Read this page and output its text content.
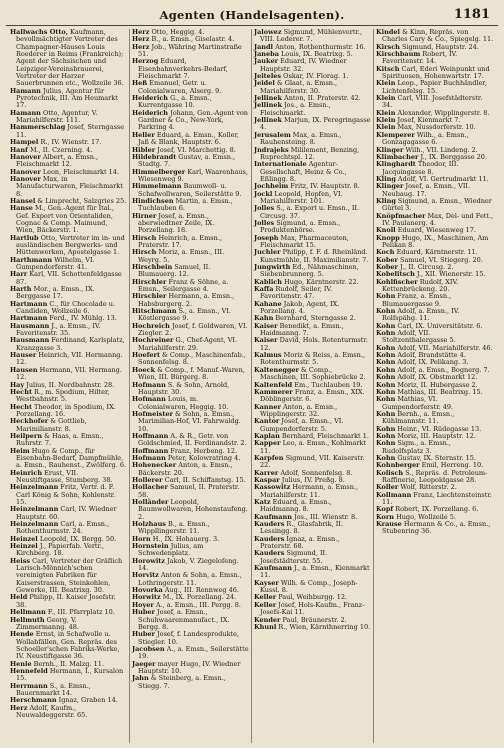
Agenten (Handelsagenten).	1181

Hallwachs Otto, Kaufmann, bevollmächtigter Vertreter des Champagner-Hauses Louis Roederer in Reims (Frankreich); Agent der Sächsischen und Leipziger-Vereinsbrauerei, Vertreter der Harzer Sauerbrunnen etc., Wollzeile 36.

Hamann Julius, Agentur für Pyrotechnik, III. Am Heumarkt 17.

Hamann Otto, Agentur, V. Mariahilferstr. 111.

Hammerschlag Josef, Sterngasse 11.

Hampel R., IV. Wienstr. 17.

Hanf M., II. Czerning. 4.

Hanover Albert, a. Emsn., Fleischmarkt 12.

Hanover Leon, Fleischmarkt 14.

Hanover Max, in Manufacturwaren, Fleischmarkt 8.

Hansel & Limprecht, Salzgries 25.

Hanse M., Gen.-Agent für Ital., Gef. Export von Orientaliden, Cognac & Comp. Maimund, Wien, Bäckerstr. 1.

Hartlub Otto, Vertreter im in- und ausländischen Bergwerks- und Hüttenwerken, Apostelgasse 1.

Harthmann Wilhelm, VI. Gumpendorferstr. 41.

Harr Karl, VII. Schottenfeldgasse 87.

Harth Mor., a. Emsn., IX. Berggasse 17.

Hartmann C., für Chocolade u. Candiden, Wollzeile 6.

Hartmann Ferd., IV. Mühlg. 13.

Hausmann J., a. Emsn., IV. Favoritenstr. 35.

Hausmann Ferdinand, Karlsplatz, Kranzgasse 3.

Hauser Heinrich, VII. Hermanng. 12.

Hausen Hermann, VII. Hermang. 12.

Hay Julius, II. Nordbahnstr. 28.

Hecht R., m. Spodium, Hilter, Westbahnstr. 5.

Hecht Theodor, in Spodium, IX. Porzellang. 16.

Heckhofer & Gottlieb, Marimilianstr. 8.

Heilpern & Haas, a. Emsn., Ruhrstr. 7.

Heim Hugo & Comp., für Eisenbahn-Bedarf, Dampfmühle, a. Emsn., Rauhenst., Zwölferg. 6.

Heinrich Erust, VII. Neustiftgasse, Stumberg. 38.

Heinzelmann Fritz, Vertr. d. F. Carl König & Sohn, Kohlenstr. 15.

Heinzelmann Carl, IV. Wiedner Hauptstr. 60.

Heinzelmann Carl, a. Emsn., Rothenthurmstr. 24.

Heinzel Leopold, IX. Bergg. 50.

Heinzel J., Papierfab. Vertr., Kirchberg. 18.

Heiss Carl, Vertreter der Gräflich Larisch-Mönnich'schen vereinigten Fabriken für Kaiserstrassen, Steinkohlen, Gewerke, III. Beatrixg. 30.

Held Philipp, II. Kaiser Josefstr. 38.

Hellmann F., III. Pfarrplatz 10.

Hellmuth Georg, V. Zimmermanng. 48.

Hende Ernst, in Schafwolle u. Wollabfällen, Gen. Repräs. des Schoeller'schen Fabriks-Werke, IV. Neustiftgasse 36.

Henle Bernh., II. Malzg. 11.

Hennefeld Hermann, I., Kursalon 15.

Herrmann S., a. Emsn., Bauernmarkt 14.

Herschmann Ignaz, Graben 14.

Herz Adolf, Kaufm., Neuwaldeggerstr. 65.

Herz Otto, Heggig. 4.

Herz B., a. Emsn., Giselastr. 4.

Herz Job., Währing Martinstraße 51.

Herzog Eduard, Eisenbahnverkehrs-Bedarf, Fleischmarkt 7.

Heß Emanuel, Getr. u. Colonialwaren, Alserg. 9.

Heiderich G., a. Emsn., Kurrentgasse 10.

Heiderich Johann, Gen.-Agent von Gardner & Co., New-York, Parkring 4.

Heller Eduard, a. Emsn., Koller, Jaß & Blank, Hauptstr. 6.

Hibler Josef, VI. Marchettig. 8.

Hildebrandt Gustav, a. Emsn., Stadtg. 7.

Himmelberger Karl, Waarenhaus, Wiesenweg 9.

Himmelmann Baumwoll- u. Schafwollwaren, Seilerstätte 9.

Hindichsen Martin, a. Emsn., Tuchlauben 6.

Hirner Josef, a. Emsn., aberwiedtner Zeile, IX. Porzellang. 18.

Hirsch Heinrich, a. Emsn., Praterstr. 17.

Hirsch Moriz, a. Emsn., III. Weyrg. 5.

Hirschbein Samuel, II. Blumauerg. 12.

Hirschler Franz & Söhne, a. Emsn., Seilergasse 4.

Hirschler Hermann, a. Emsn., Habsburgerg. 2.

Hitschmann S., a. Emsn., VI. Köstlergasse 9.

Hochreich Josef, f. Goldwaren, VI. Ziegler. 2.

Hochreiner G., Chef-Agent, VI. Mariahilferstr. 29.

Hoefert & Comp., Maschinenfab., Sonnenfelsg. 8.

Hoeck & Comp., f. Manuf.-Waren, Wien, III. Bürgerg. 8.

Hofmann S. & Sohn, Arnold, Hauptstr. 30.

Hofmann Louis, m. Colonialwaren, Heggig. 10.

Hofmeister & Sohn, a. Emsn., Marimilian-Hof, VI. Fahrwaldg. 10.

Hoffmann A. & R., Getr. von Goldschmied, II. Ferdinandstr. 2.

Hoffmann Franz, Herbeng. 12.

Hofmann Peter, Kolowratring 4.

Hohenecker Anton, a. Emsn., Bäckerstr. 20.

Hollerer Carl, II. Schiffamtsg. 15.

Hollacher Samuel, II. Praterstr. 58.

Holländer Leopold, Baumwollwaren, Hohenstaufeng. 2.

Holzhaus B., a. Emsn., Wippllingerstr. 11.

Horn H., IX. Hohauerg. 3.

Hornstein Julius, am Schwedenplatz.

Horowitz Jakob, V. Ziegelofeng. 14.

Horvitz Anton & Sohn, a. Emsn., Lothringerstr. 11.

Hovorka Aug., III. Rennweg 46.

Horwitz M., IX. Porzellang. 24.

Hoyer A., a. Emsn., III. Pergg. 8.

Huber Josef, a. Emsn., Schuhwaarenmanufact., IX. Bergg. 8.

Huber Josef, f. Landesprodukte, Stiegler. 10.

Jacobsen A., a. Emsn., Seilerstätte 19.

Jaeger mayer Hugo, IV. Wiedner Hauptstr. 10.

Jahn & Steinberg, a. Emsn., Stiegg. 7.

Jalowez Sigmund, Mühlenvertr., VIII. Lederer. 7.

Jandl Anton, Rothenthurmstr. 16.

Janeba Louis, IX. Beatrixg. 5.

Jauker Eduard, IV. Wiedner Hauptstr. 32.

Jeiteles Oskar, IV. Florag. 1.

Jeidel & Glaat, a. Emsn., Mariahilferstr. 30.

Jellinek Anton, II. Praterstr. 42.

Jellinek Jos., a. Emsn., Fleischmarkt.

Jellinek Marjun, IX. Peregringasse 4.

Jerusalem Max, a. Emsn., Rauhensteing. 8.

Jndrajeks Mililement, Benzing, Ruprechtspl. 12.

Internationale Agentur-Gesellschaft, Heinz & Co., Eßlingg. 8.

Jochheim Fritz, IV. Hauptstr. 8.

Jockl Leopold, Hopfen, VI. Mariahilferstr. 101.

Jolles S., a. Export u. Emsn., II. Circusg. 37.

Jolles Sigmund, a. Emsn., Produktenbörse.

Joseph Max, Pharmaceuten, Fleischmarkt 15.

Juchler Philipp, f. F. d. Rheinländ. Kunstmühle, II. Maximilianstr. 7.

Jungwirth Ed., Nähmaschinen, Siebenbrunnerg. 5.

Kablich Hugo, Kärntnerstr. 22.

Kaffa Rudolf, Seiler, IV. Favoritenstr. 47.

Kahane Jakob, Agent, IX. Porzellang. 4.

Kahn Bernhard, Sterngasse 2.

Kaiser Benedikt, a. Emsn., Haidmanng. 7.

Kaiser David, Hols. Rotenturmstr. 12.

Kalmus Moriz & Reiss, a. Emsn., Rotenthurmstr. 5.

Kaltenegger & Comp., Maschinen, III. Sophiebrücke 2.

Kaltenfeld Em., Tuchlauben 19.

Kammerer Franz, a. Emsn., XIX. Döblingerstr. 6.

Kanner Anton, a. Emsn., Wipplingerstr. 32.

Kantor Josef, a. Emsn., VI. Gumpendorferstr. 5.

Kaplan Bernhard, Fleischmarkt 1.

Kapper Leo, a. Emsn., Kohlmarkt 11.

Karpfen Sigmund, VII. Kaiserstr. 22.

Karrer Adolf, Sonnenfelsg. 8.

Kaspar Julius, IV. Preßg. 8.

Kassowitz Hermann, a. Emsn., Mariahilferstr. 11.

Katz Eduard, a. Emsn., Haidmanng. 8.

Kaufmann Jos., III. Wienstr. 8.

Kauders R., Glasfabrik, II. Lessingg. 8.

Kauders Ignaz, a. Emsn., Praterstr. 68.

Kauders Sigmund, II. Josefstädterstr. 55.

Kaufmann J., a. Emsn., Kienmarkt 11.

Kayser Wilh. & Comp., Joseph-Kussl. 8.

Keller Paul, Weihburgg. 12.

Keller Josef, Hols-Kaufm., Franz-Josefs-Kai 11.

Kender Paul, Bräunerstr. 2.

Khunl R., Wien, Kärnthnerring 10.

Kindel & Kinn, Repräs. von Charles Cary & Co., Spiegelg. 11.

Kirsch Sigmund, Hauptstr. 24.

Kirschbaum Robert, IV. Favoritenstr. 14.

Kitsch Carl, Ederi Weinpunkt und Spirituosen, Hohenwartstr. 17.

Klein Leop., Papier Buchhändler, Lichtenfelsg. 15.

Klein Carl, VIII. Josefstädterstr. 34.

Klein Alexander, Wipplingerstr. 8.

Klein Josef, Kienmarkt 7.

Klein Max, Nussdorferstr. 10.

Klemperer Wilh., a. Emsn., Gonzagagasse 6.

Klinger Wilh., VII. Lindeng. 2.

Klimbacher J., IX. Berggasse 20.

Klinghardt Theodor, III. Jacquingasse 8.

Kling Adolf, VI. Gertrudmarkt 11.

Klinger Josef, a. Emsn., VII. Neubaug. 17.

Kling Sigmund, a. Emsn., Wiedner Gürtel 3.

Knöpfmacher Max, Del- und Fett., IV. Paulanerg. 4.

Knoll Eduard, Wiesenweg 17.

Knopp Hugo, IX., Maschinen, Am Pelikan 8.

Koch Eduard, Kärntnerstr. 11.

Kober Samuel, VI. Stiegerg. 20.

Kober J., II. Circusg. 2.

Kobelitsch J., XII. Wienerstr. 15.

Kohlfischer Rudolf, XIV. Kettenbrückeng. 20.

Kohn Franz, a. Emsn., Blumauergasse 9.

Kohn Adolf, a. Emsn., IV. Rolfspähg. 11.

Kohn Carl, IX. Universitätstr. 6.

Kohn Adolf, VII. Stoltzenthalergasse 5.

Kohn Adolf, VII. Mariahilferstr. 46.

Kohn Adolf, Brandstätte 4.

Kohn Adolf, IX. Pelikang. 3.

Kohn Adolf, a. Emsn., Bognerg. 7.

Kohn Adolf, IX. Obstmarkt 12.

Kohn Moriz, II. Hubergasse 2.

Kohn Mathias, III. Beatrixg. 15.

Kohn Mathias, VI. Gumpendorferstr. 49.

Kohn Bernh., a. Emsn., Kühlmannstr. 11.

Kohn Heinr., VI. Rüdegasse 13.

Kohn Moriz, III. Hauptstr. 12.

Kohn Sigm., a. Emsn., Rudolfsplatz 3.

Kohn Gustav, IX. Sternstr. 15.

Kohnberger Emil, Herreng. 10.

Kolisch S., Repräs. d. Petroleum-Raffinerie, Leopoldgasse 28.

Koller Wolf, Ritterstr. 2.

Kollmann Franz, Liechtensteinstr. 11.

Kopf Robert, IX. Porzellang. 6.

Korn Hugo, Wollzeile 5.

Krause Hermann & Co., a. Emsn., Stubenring 36.
